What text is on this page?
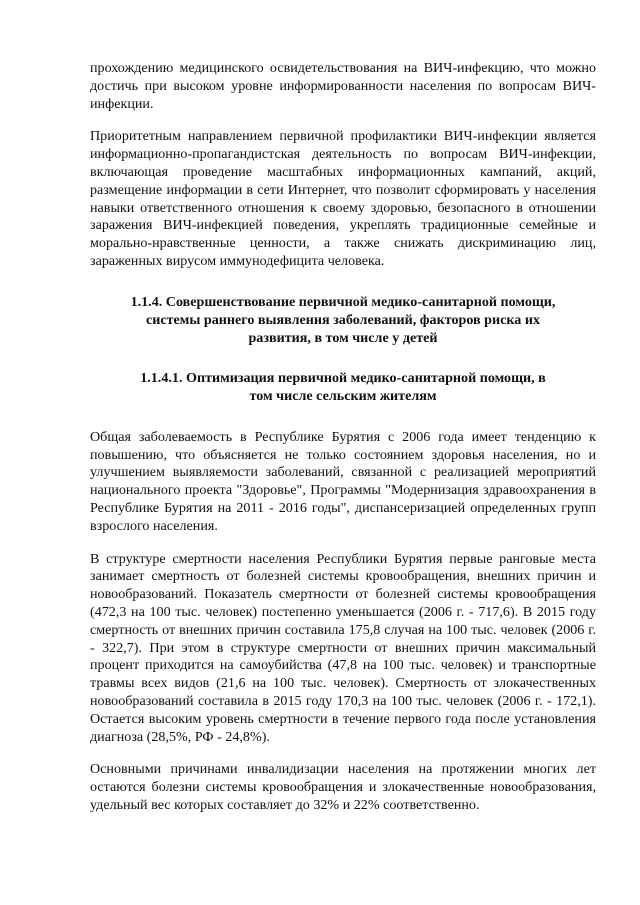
прохождению медицинского освидетельствования на ВИЧ-инфекцию, что можно достичь при высоком уровне информированности населения по вопросам ВИЧ-инфекции.

Приоритетным направлением первичной профилактики ВИЧ-инфекции является информационно-пропагандистская деятельность по вопросам ВИЧ-инфекции, включающая проведение масштабных информационных кампаний, акций, размещение информации в сети Интернет, что позволит сформировать у населения навыки ответственного отношения к своему здоровью, безопасного в отношении заражения ВИЧ-инфекцией поведения, укреплять традиционные семейные и морально-нравственные ценности, а также снижать дискриминацию лиц, зараженных вирусом иммунодефицита человека.

1.1.4. Совершенствование первичной медико-санитарной помощи,
системы раннего выявления заболеваний, факторов риска их
развития, в том числе у детей
1.1.4.1. Оптимизация первичной медико-санитарной помощи, в
том числе сельским жителям

Общая заболеваемость в Республике Бурятия с 2006 года имеет тенденцию к повышению, что объясняется не только состоянием здоровья населения, но и улучшением выявляемости заболеваний, связанной с реализацией мероприятий национального проекта "Здоровье", Программы "Модернизация здравоохранения в Республике Бурятия на 2011 - 2016 годы", диспансеризацией определенных групп взрослого населения.

В структуре смертности населения Республики Бурятия первые ранговые места занимает смертность от болезней системы кровообращения, внешних причин и новообразований. Показатель смертности от болезней системы кровообращения (472,3 на 100 тыс. человек) постепенно уменьшается (2006 г. - 717,6). В 2015 году смертность от внешних причин составила 175,8 случая на 100 тыс. человек (2006 г. - 322,7). При этом в структуре смертности от внешних причин максимальный процент приходится на самоубийства (47,8 на 100 тыс. человек) и транспортные травмы всех видов (21,6 на 100 тыс. человек). Смертность от злокачественных новообразований составила в 2015 году 170,3 на 100 тыс. человек (2006 г. - 172,1). Остается высоким уровень смертности в течение первого года после установления диагноза (28,5%, РФ - 24,8%).

Основными причинами инвалидизации населения на протяжении многих лет остаются болезни системы кровообращения и злокачественные новообразования, удельный вес которых составляет до 32% и 22% соответственно.
